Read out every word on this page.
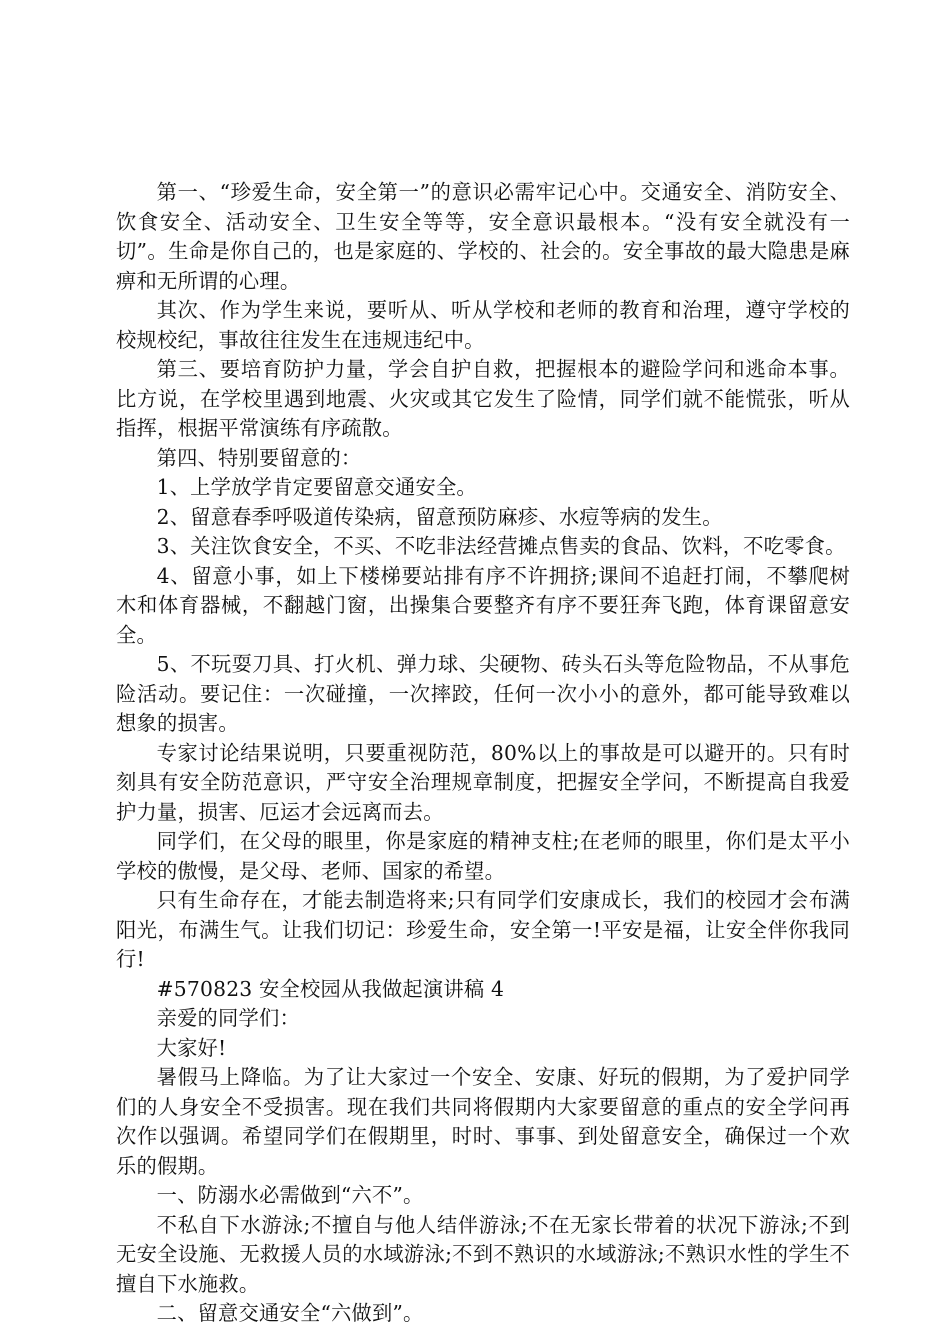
第一、“珍爱生命，安全第一”的意识必需牢记心中。交通安全、消防安全、饮食安全、活动安全、卫生安全等等，安全意识最根本。“没有安全就没有一切”。生命是你自己的，也是家庭的、学校的、社会的。安全事故的最大隐患是麻痹和无所谓的心理。

其次、作为学生来说，要听从、听从学校和老师的教育和治理，遵守学校的校规校纪，事故往往发生在违规违纪中。

第三、要培育防护力量，学会自护自救，把握根本的避险学问和逃命本事。比方说，在学校里遇到地震、火灾或其它发生了险情，同学们就不能慌张，听从指挥，根据平常演练有序疏散。

第四、特别要留意的：

1、上学放学肯定要留意交通安全。

2、留意春季呼吸道传染病，留意预防麻疹、水痘等病的发生。

3、关注饮食安全，不买、不吃非法经营摊点售卖的食品、饮料，不吃零食。

4、留意小事，如上下楼梯要站排有序不许拥挤;课间不追赶打闹，不攀爬树木和体育器械，不翻越门窗，出操集合要整齐有序不要狂奔飞跑，体育课留意安全。

5、不玩耍刀具、打火机、弹力球、尖硬物、砖头石头等危险物品，不从事危险活动。要记住：一次碰撞，一次摔跤，任何一次小小的意外，都可能导致难以想象的损害。

专家讨论结果说明，只要重视防范，80%以上的事故是可以避开的。只有时刻具有安全防范意识，严守安全治理规章制度，把握安全学问，不断提高自我爱护力量，损害、厄运才会远离而去。

同学们，在父母的眼里，你是家庭的精神支柱;在老师的眼里，你们是太平小学校的傲慢，是父母、老师、国家的希望。

只有生命存在，才能去制造将来;只有同学们安康成长，我们的校园才会布满阳光，布满生气。让我们切记：珍爱生命，安全第一!平安是福，让安全伴你我同行!

#570823 安全校园从我做起演讲稿 4

亲爱的同学们：

大家好!

暑假马上降临。为了让大家过一个安全、安康、好玩的假期，为了爱护同学们的人身安全不受损害。现在我们共同将假期内大家要留意的重点的安全学问再次作以强调。希望同学们在假期里，时时、事事、到处留意安全，确保过一个欢乐的假期。

一、防溺水必需做到“六不”。

不私自下水游泳;不擅自与他人结伴游泳;不在无家长带着的状况下游泳;不到无安全设施、无救援人员的水域游泳;不到不熟识的水域游泳;不熟识水性的学生不擅自下水施救。

二、留意交通安全“六做到”。
